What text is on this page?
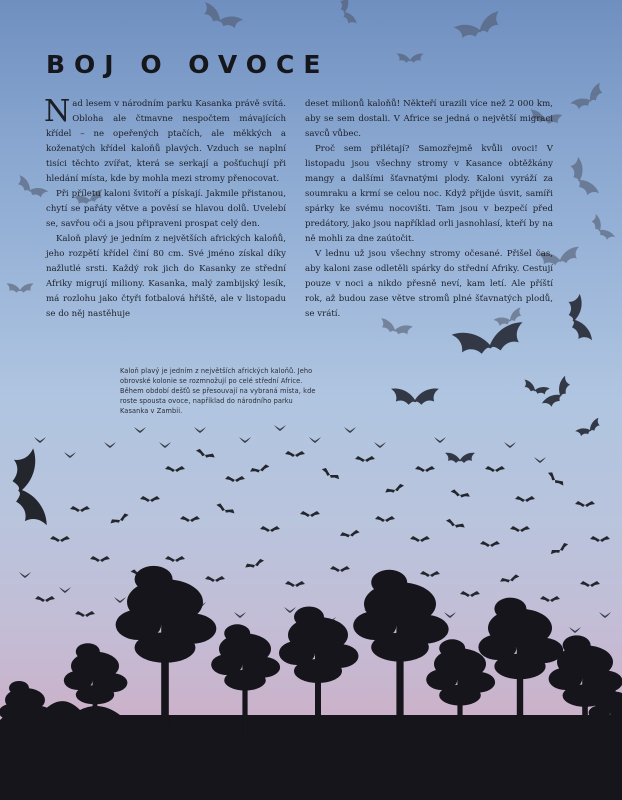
BOJ O OVOCE

Nad lesem v národním parku Kasanka právě svítá. Obloha ale čtmavne nespočtem mávajících křídel – ne opeřených ptačích, ale měkkých a koženatých křídel kaloňů plavých. Vzduch se naplní tisíci těchto zvířat, která se serkají a pošťuchují při hledání místa, kde by mohla mezi stromy přenocovat.

Při příletu kaloni švitoří a pískají. Jakmile přistanou, chytí se pařáty větve a pověsí se hlavou dolů. Uvelebí se, savřou oči a jsou připraveni prospat celý den.

Kaloň plavý je jedním z největších afrických kaloňů, jeho rozpětí křídel činí 80 cm. Své jméno získal díky nažlutlé srsti. Každý rok jich do Kasanky ze střední Afriky migrují miliony. Kasanka, malý zambijský lesík, má rozlohu jako čtyři fotbalová hřiště, ale v listopadu se do něj nastěhuje

deset milionů kaloňů! Někteří urazili více než 2 000 km, aby se sem dostali. V Africe se jedná o největší migraci savců vůbec.

Proč sem přilétají? Samozřejmě kvůli ovoci! V listopadu jsou všechny stromy v Kasance obtěžkány mangy a dalšími šťavnatými plody. Kaloni vyráží za soumraku a krmí se celou noc. Když přijde úsvit, samíři spárky ke svému nocovišti. Tam jsou v bezpečí před predátory, jako jsou například orli jasnohlasí, kteří by na ně mohli za dne zaútočit.

V lednu už jsou všechny stromy očesané. Přišel čas, aby kaloni zase odletěli spárky do střední Afriky. Cestují pouze v noci a nikdo přesně neví, kam letí. Ale příští rok, až budou zase větve stromů plné šťavnatých plodů, se vrátí.

Kaloň plavý je jedním z největších afrických kaloňů. Jeho obrovské kolonie se rozmnožují po celé střední Africe. Během období dešťů se přesouvají na vybraná místa, kde roste spousta ovoce, například do národního parku Kasanka v Zambii.
